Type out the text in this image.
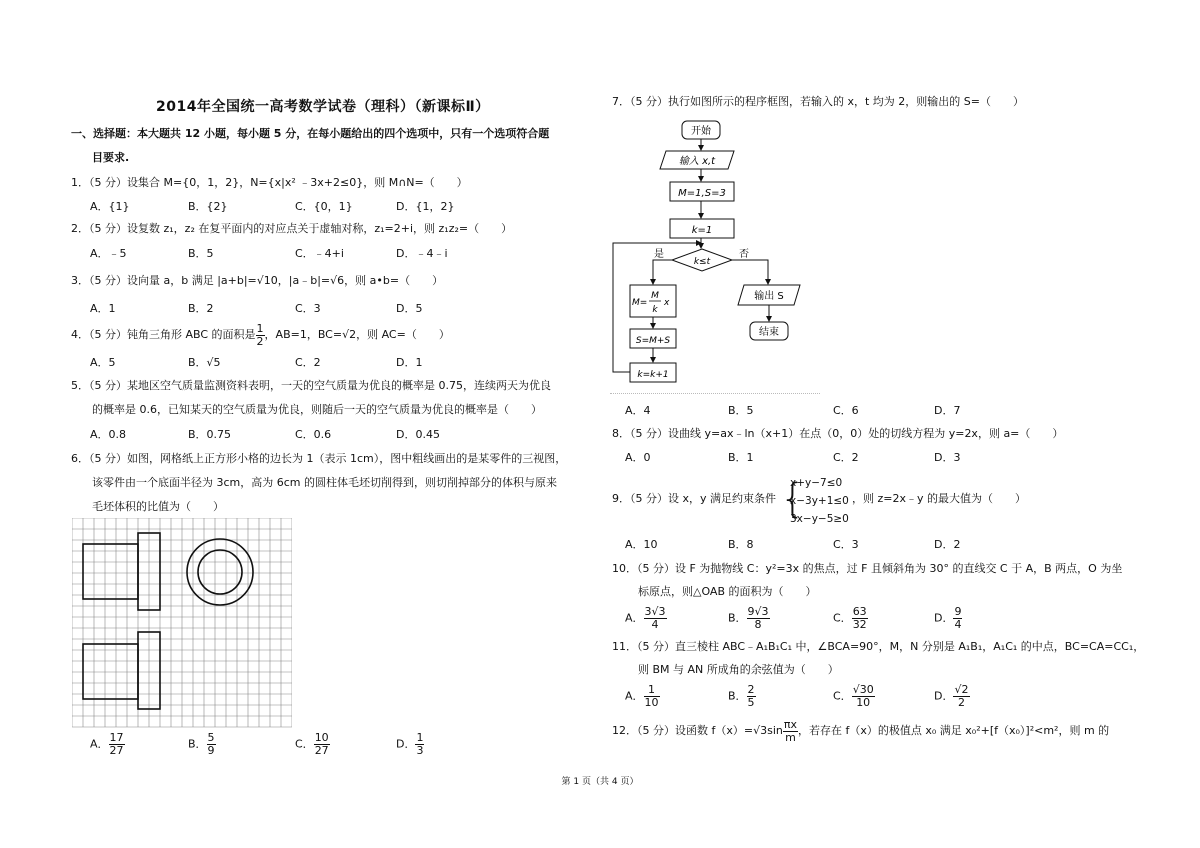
2014年全国统一高考数学试卷（理科）（新课标Ⅱ）
一、选择题：本大题共 12 小题，每小题 5 分，在每小题给出的四个选项中，只有一个选项符合题
目要求.
1．（5 分）设集合 M={0，1，2}，N={x|x² ﹣3x+2≤0}，则 M∩N=（　　）
A．{1}	B．{2}	C．{0，1}	D．{1，2}
2．（5 分）设复数 z₁，z₂ 在复平面内的对应点关于虚轴对称，z₁=2+i，则 z₁z₂=（　　）
A．﹣5	B．5	C．﹣4+i	D．﹣4﹣i
3．（5 分）设向量 a，b 满足 |a+b|=√10，|a﹣b|=√6，则 a•b=（　　）
A．1	B．2	C．3	D．5
4．（5 分）钝角三角形 ABC 的面积是 $\frac{1}{2}$ ，AB=1，BC=√2，则 AC=（　　）
A．5	B．√5	C．2	D．1
5．（5 分）某地区空气质量监测资料表明，一天的空气质量为优良的概率是 0.75，连续两天为优良
的概率是 0.6，已知某天的空气质量为优良，则随后一天的空气质量为优良的概率是（　　）
A．0.8	B．0.75	C．0.6	D．0.45
6．（5 分）如图，网格纸上正方形小格的边长为 1（表示 1cm），图中粗线画出的是某零件的三视图，
该零件由一个底面半径为 3cm，高为 6cm 的圆柱体毛坯切削得到，则切削掉部分的体积与原来
毛坯体积的比值为（　　）
A． $\frac{17}{27}$	B． $\frac{5}{9}$	C． $\frac{10}{27}$	D． $\frac{1}{3}$
7．（5 分）执行如图所示的程序框图，若输入的 x，t 均为 2，则输出的 S=（　　）
开始
输入 x,t
M=1,S=3
k=1
k≤t
是	否
M=
M
k
x
S=M+S
k=k+1
输出 S
结束
A．4	B．5	C．6	D．7
8．（5 分）设曲线 y=ax﹣ln（x+1）在点（0，0）处的切线方程为 y=2x，则 a=（　　）
A．0	B．1	C．2	D．3
9．（5 分）设 x，y 满足约束条件 {
x+y−7≤0
x−3y+1≤0
3x−y−5≥0
，则 z=2x﹣y 的最大值为（　　）
A．10	B．8	C．3	D．2
10．（5 分）设 F 为抛物线 C：y²=3x 的焦点，过 F 且倾斜角为 30° 的直线交 C 于 A，B 两点，O 为坐
标原点，则△OAB 的面积为（　　）
A． $\frac{3√3}{4}$	B． $\frac{9√3}{8}$	C． $\frac{63}{32}$	D． $\frac{9}{4}$
11．（5 分）直三棱柱 ABC﹣A₁B₁C₁ 中，∠BCA=90°，M，N 分别是 A₁B₁，A₁C₁ 的中点，BC=CA=CC₁，
则 BM 与 AN 所成角的余弦值为（　　）
A． $\frac{1}{10}$	B． $\frac{2}{5}$	C． $\frac{√30}{10}$	D． $\frac{√2}{2}$
12．（5 分）设函数 $f(x)=√3\sin \frac{\pi x}{m}$ ，若存在 f（x）的极值点 x₀ 满足 x₀²+[f（x₀）]²<m²，则 m 的
第 1 页（共 4 页）
